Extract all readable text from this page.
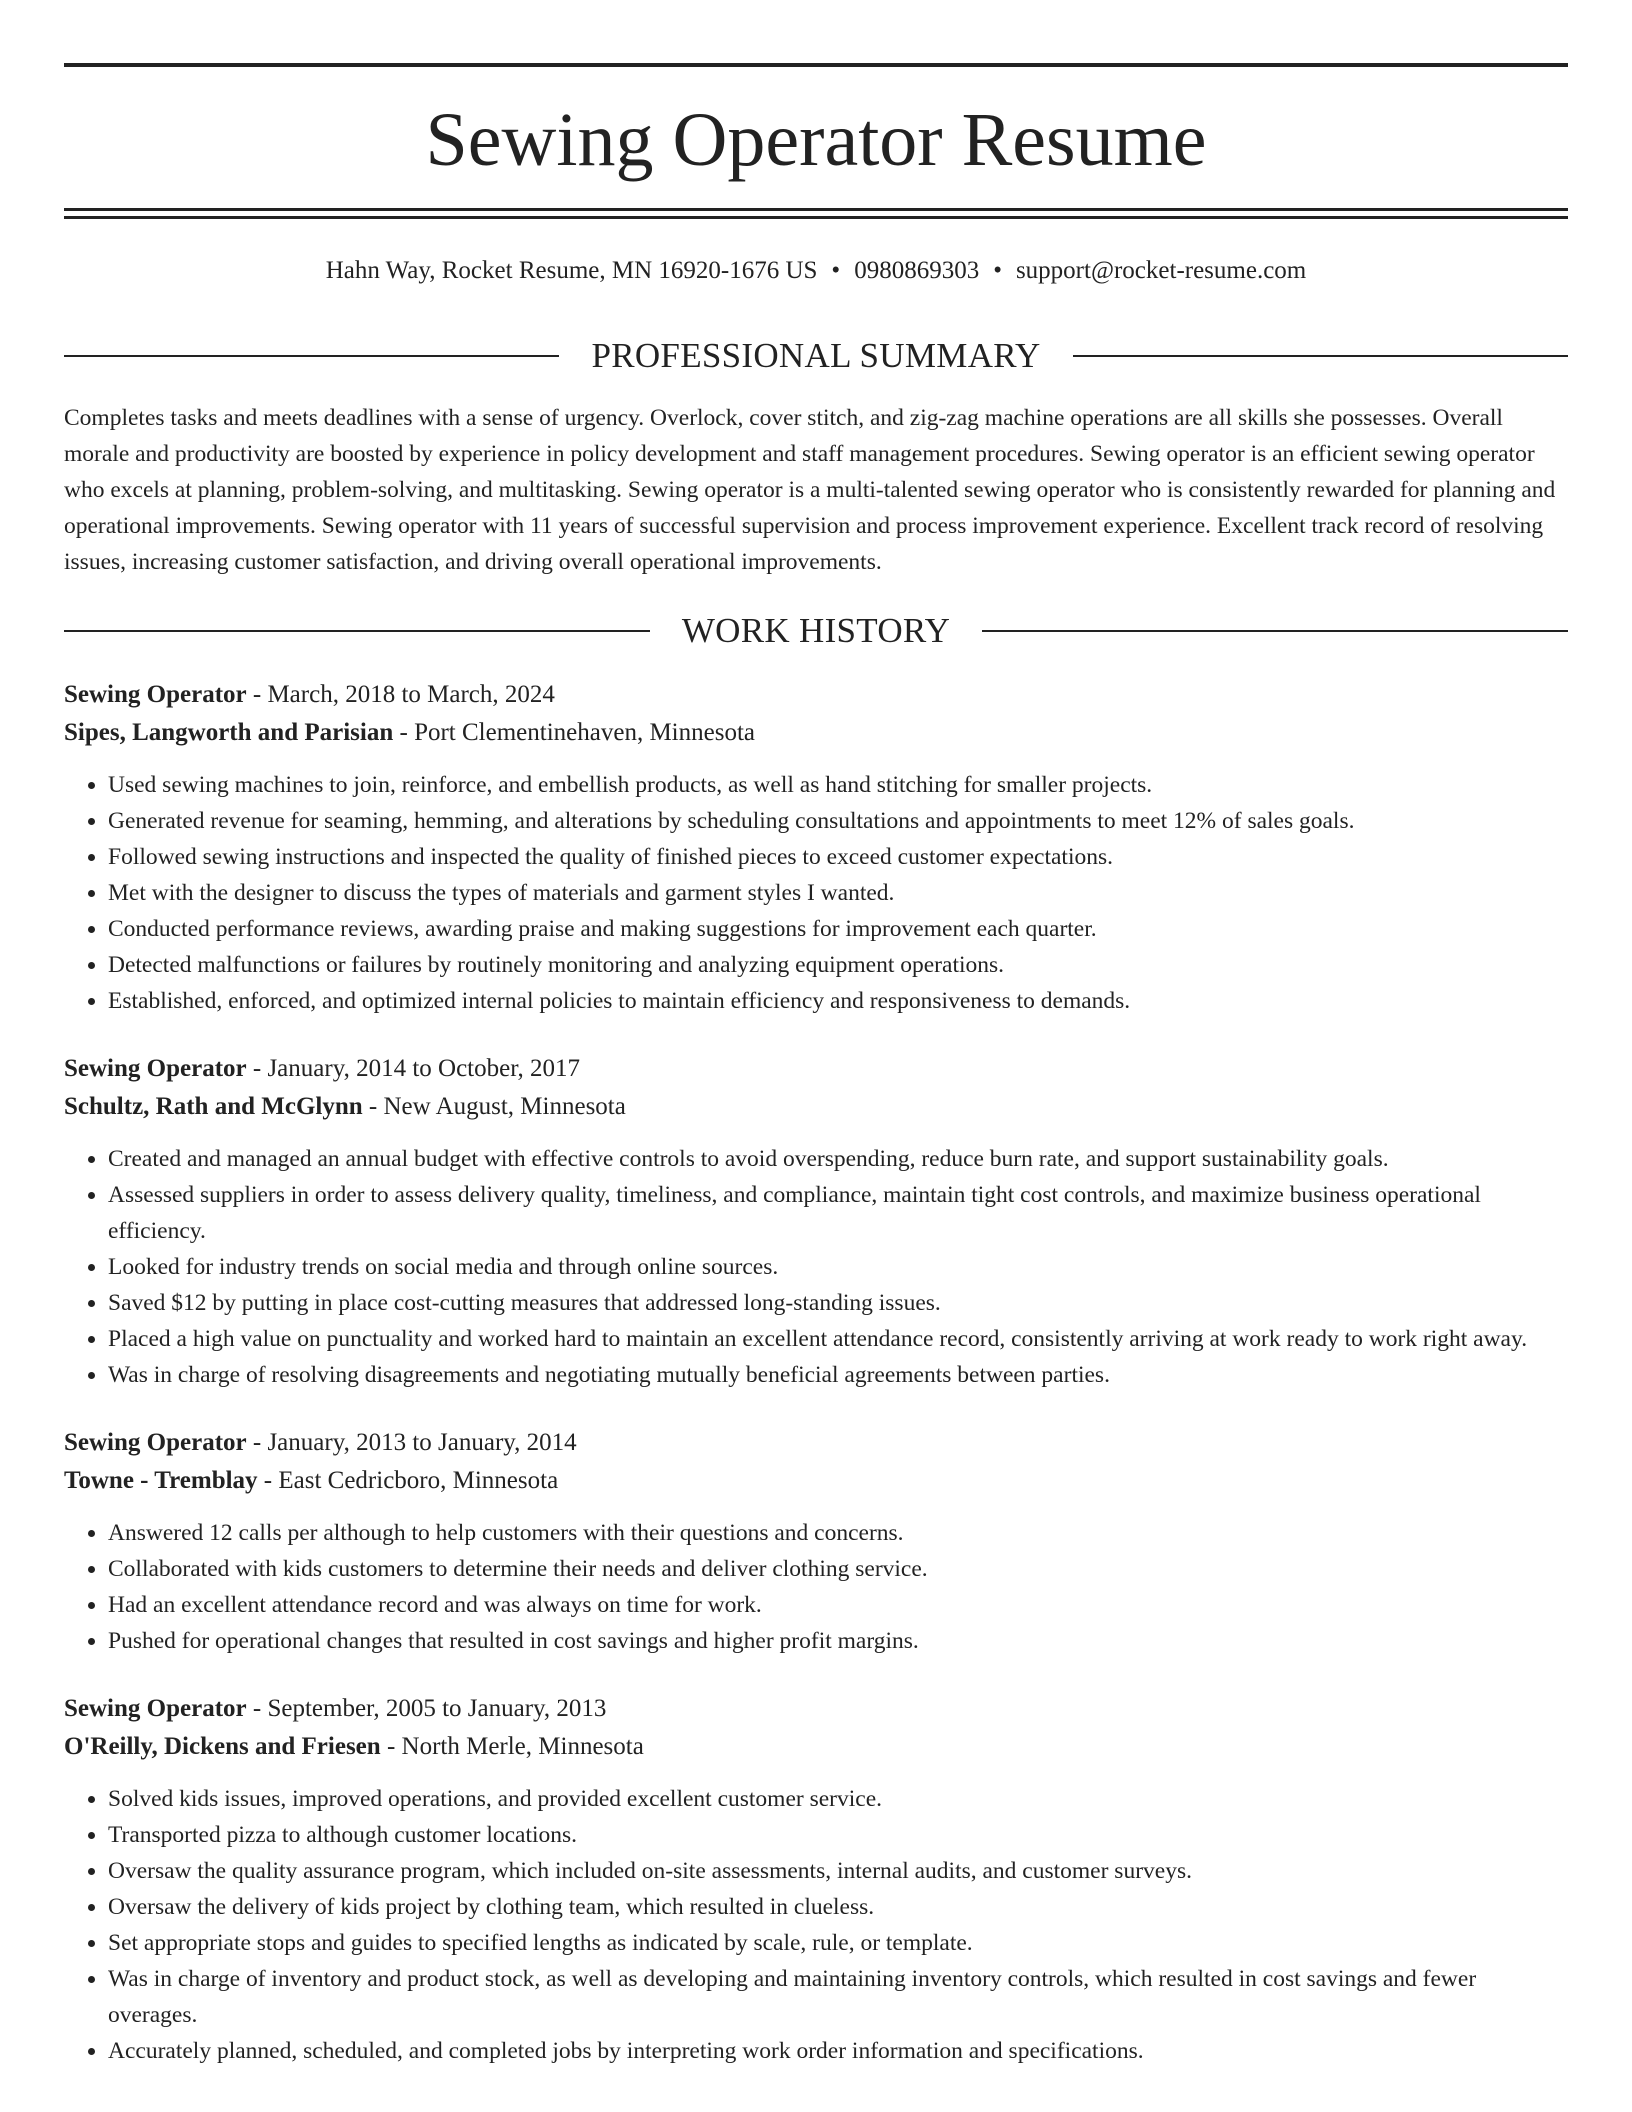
Sewing Operator Resume
Hahn Way, Rocket Resume, MN 16920-1676 US • 0980869303 • support@rocket-resume.com
PROFESSIONAL SUMMARY

Completes tasks and meets deadlines with a sense of urgency. Overlock, cover stitch, and zig-zag machine operations are all skills she possesses. Overall morale and productivity are boosted by experience in policy development and staff management procedures. Sewing operator is an efficient sewing operator who excels at planning, problem-solving, and multitasking. Sewing operator is a multi-talented sewing operator who is consistently rewarded for planning and operational improvements. Sewing operator with 11 years of successful supervision and process improvement experience. Excellent track record of resolving issues, increasing customer satisfaction, and driving overall operational improvements.

WORK HISTORY
Sewing Operator - March, 2018 to March, 2024
Sipes, Langworth and Parisian - Port Clementinehaven, Minnesota
• Used sewing machines to join, reinforce, and embellish products, as well as hand stitching for smaller projects.
• Generated revenue for seaming, hemming, and alterations by scheduling consultations and appointments to meet 12% of sales goals.
• Followed sewing instructions and inspected the quality of finished pieces to exceed customer expectations.
• Met with the designer to discuss the types of materials and garment styles I wanted.
• Conducted performance reviews, awarding praise and making suggestions for improvement each quarter.
• Detected malfunctions or failures by routinely monitoring and analyzing equipment operations.
• Established, enforced, and optimized internal policies to maintain efficiency and responsiveness to demands.
Sewing Operator - January, 2014 to October, 2017
Schultz, Rath and McGlynn - New August, Minnesota
• Created and managed an annual budget with effective controls to avoid overspending, reduce burn rate, and support sustainability goals.
• Assessed suppliers in order to assess delivery quality, timeliness, and compliance, maintain tight cost controls, and maximize business operational efficiency.
• Looked for industry trends on social media and through online sources.
• Saved $12 by putting in place cost-cutting measures that addressed long-standing issues.
• Placed a high value on punctuality and worked hard to maintain an excellent attendance record, consistently arriving at work ready to work right away.
• Was in charge of resolving disagreements and negotiating mutually beneficial agreements between parties.
Sewing Operator - January, 2013 to January, 2014
Towne - Tremblay - East Cedricboro, Minnesota
• Answered 12 calls per although to help customers with their questions and concerns.
• Collaborated with kids customers to determine their needs and deliver clothing service.
• Had an excellent attendance record and was always on time for work.
• Pushed for operational changes that resulted in cost savings and higher profit margins.
Sewing Operator - September, 2005 to January, 2013
O'Reilly, Dickens and Friesen - North Merle, Minnesota
• Solved kids issues, improved operations, and provided excellent customer service.
• Transported pizza to although customer locations.
• Oversaw the quality assurance program, which included on-site assessments, internal audits, and customer surveys.
• Oversaw the delivery of kids project by clothing team, which resulted in clueless.
• Set appropriate stops and guides to specified lengths as indicated by scale, rule, or template.
• Was in charge of inventory and product stock, as well as developing and maintaining inventory controls, which resulted in cost savings and fewer overages.
• Accurately planned, scheduled, and completed jobs by interpreting work order information and specifications.
